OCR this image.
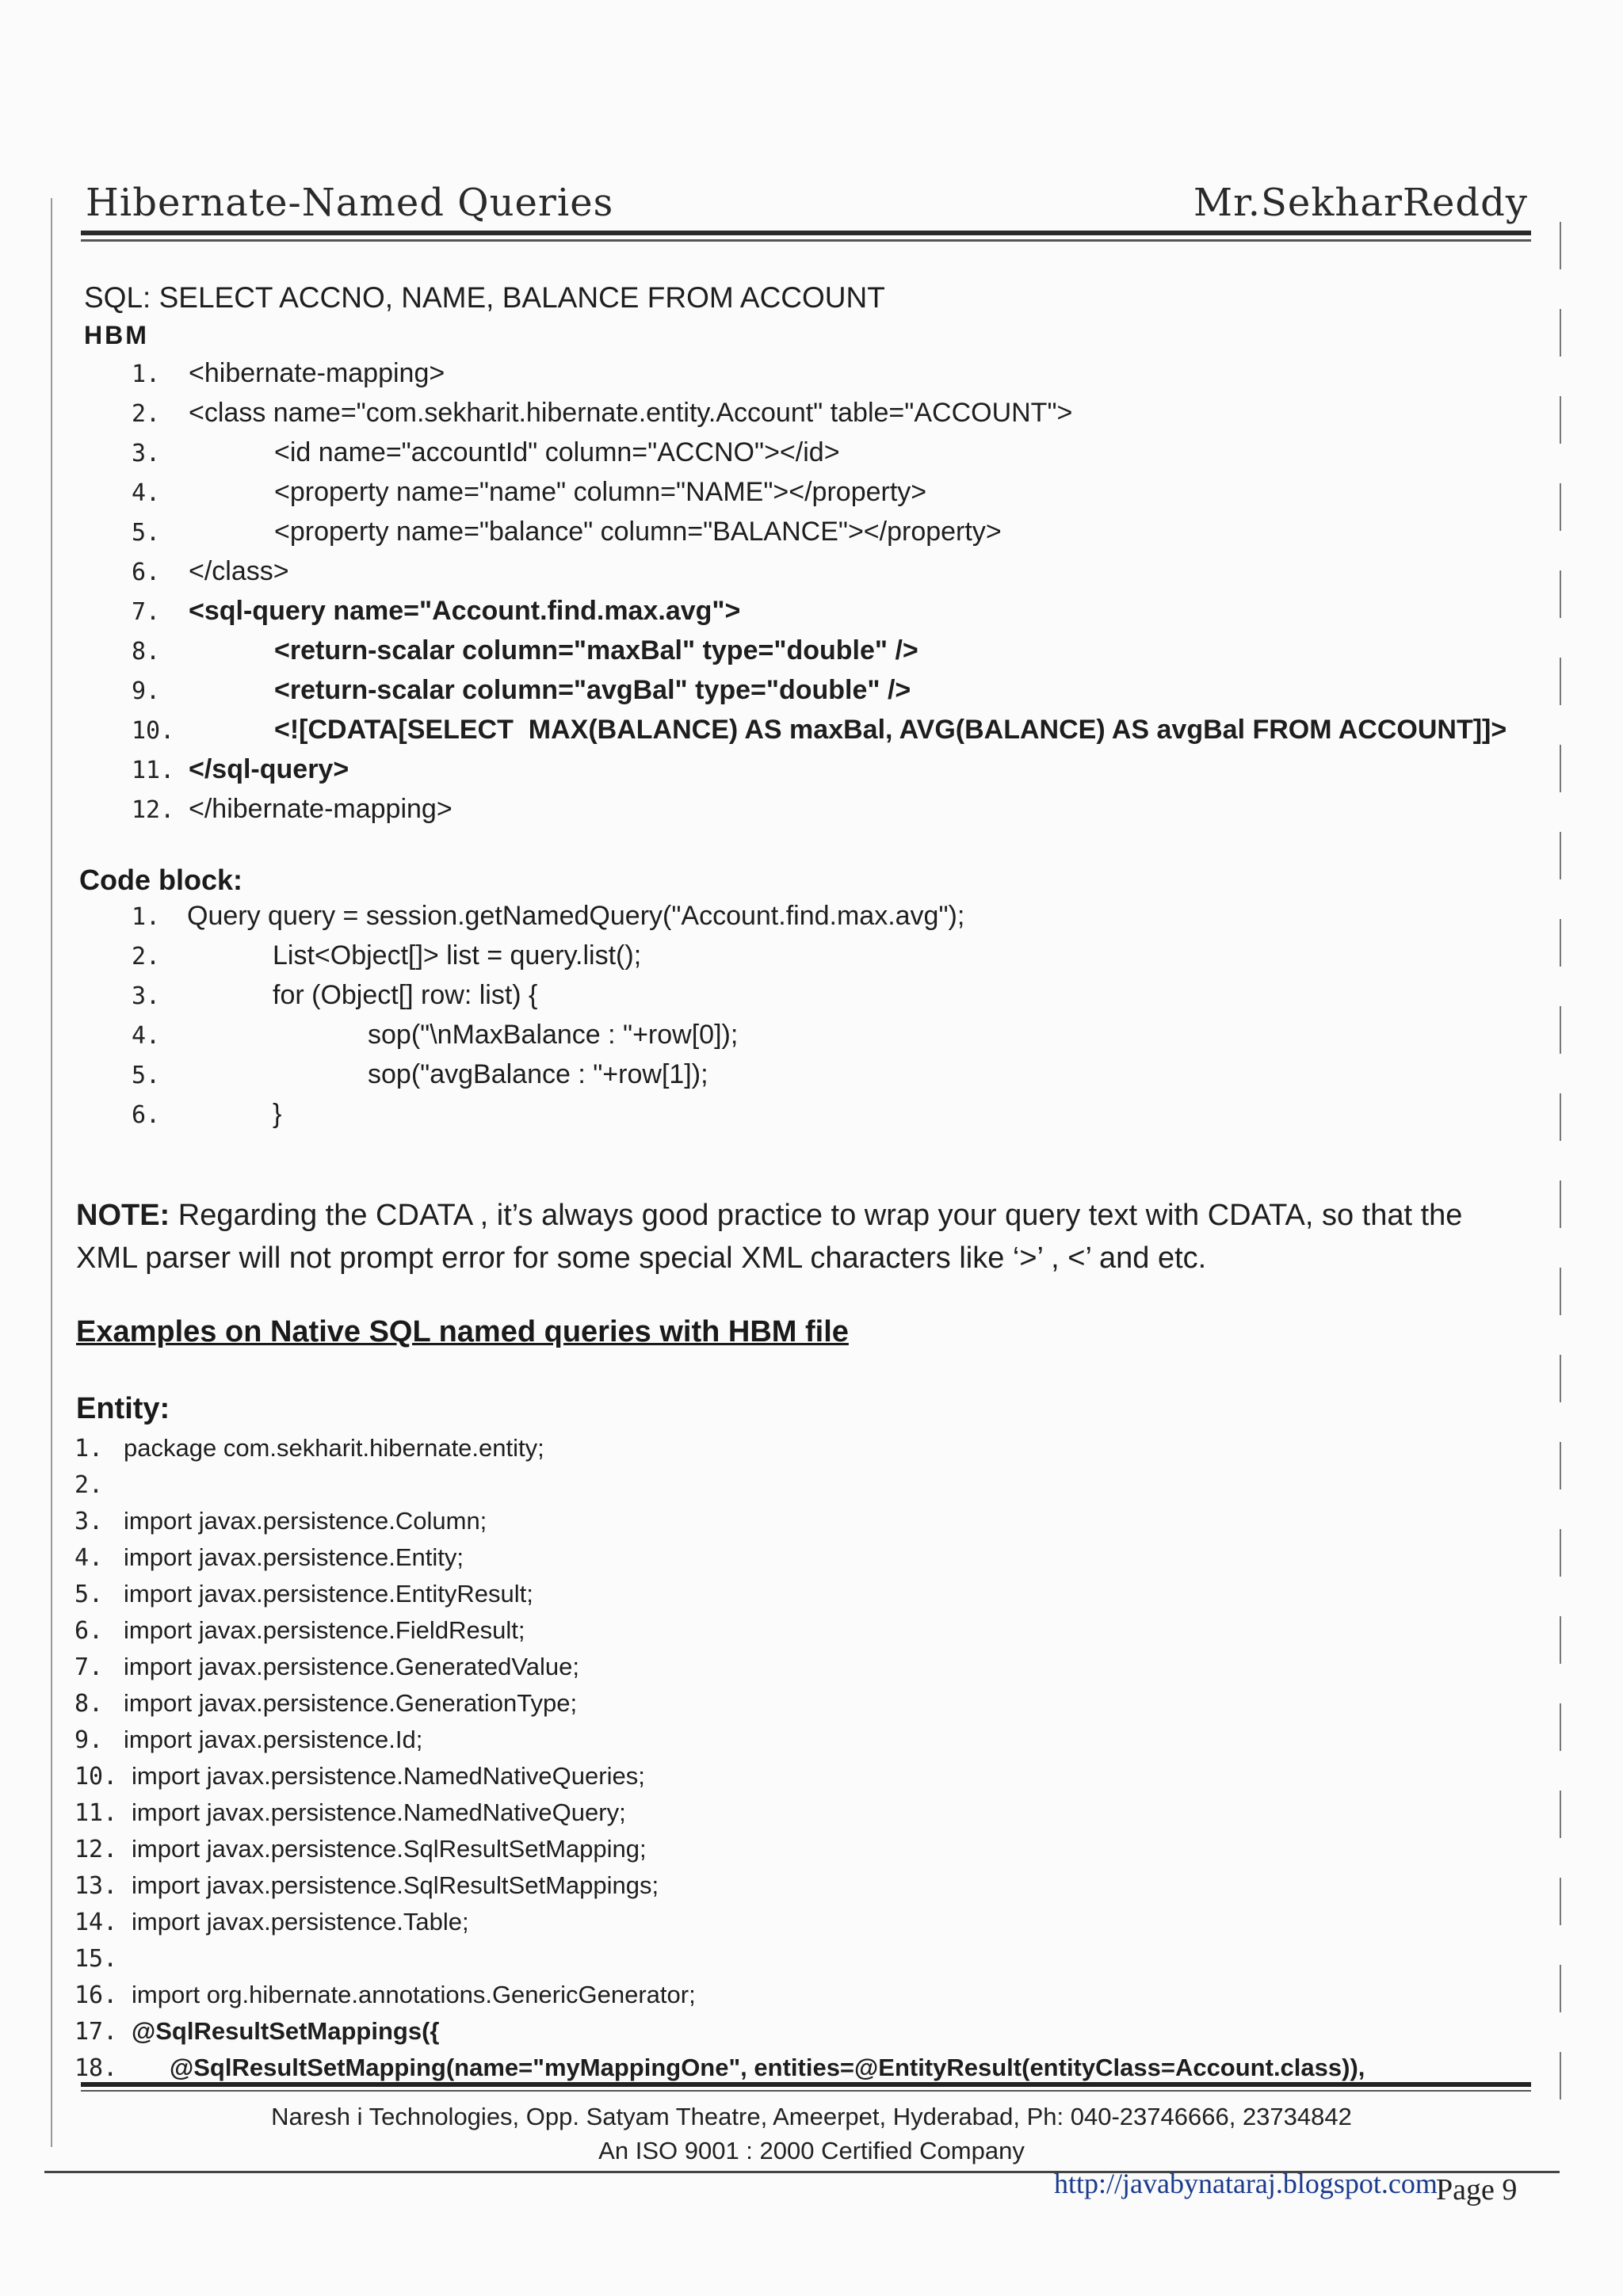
Hibernate-Named Queries	Mr.SekharReddy
SQL: SELECT ACCNO, NAME, BALANCE FROM ACCOUNT
HBM
1. <hibernate-mapping>
2. <class name="com.sekharit.hibernate.entity.Account" table="ACCOUNT">
3.	<id name="accountId" column="ACCNO"></id>
4.	<property name="name" column="NAME"></property>
5.	<property name="balance" column="BALANCE"></property>
6. </class>
7. <sql-query name="Account.find.max.avg">
8.	<return-scalar column="maxBal" type="double" />
9.	<return-scalar column="avgBal" type="double" />
10.	<![CDATA[SELECT  MAX(BALANCE) AS maxBal, AVG(BALANCE) AS avgBal FROM ACCOUNT]]>
11. </sql-query>
12. </hibernate-mapping>
Code block:
1. Query query = session.getNamedQuery("Account.find.max.avg");
2.	List<Object[]> list = query.list();
3.	for (Object[] row: list) {
4.	sop("\nMaxBalance : "+row[0]);
5.	sop("avgBalance : "+row[1]);
6.	}
NOTE: Regarding the CDATA , it’s always good practice to wrap your query text with CDATA, so that the XML parser will not prompt error for some special XML characters like ‘>’ , <’ and etc.
Examples on Native SQL named queries with HBM file
Entity:
1. package com.sekharit.hibernate.entity;
2.
3. import javax.persistence.Column;
4. import javax.persistence.Entity;
5. import javax.persistence.EntityResult;
6. import javax.persistence.FieldResult;
7. import javax.persistence.GeneratedValue;
8. import javax.persistence.GenerationType;
9. import javax.persistence.Id;
10. import javax.persistence.NamedNativeQueries;
11. import javax.persistence.NamedNativeQuery;
12. import javax.persistence.SqlResultSetMapping;
13. import javax.persistence.SqlResultSetMappings;
14. import javax.persistence.Table;
15.
16. import org.hibernate.annotations.GenericGenerator;
17. @SqlResultSetMappings({
18. @SqlResultSetMapping(name="myMappingOne", entities=@EntityResult(entityClass=Account.class)),
Naresh i Technologies, Opp. Satyam Theatre, Ameerpet, Hyderabad, Ph: 040-23746666, 23734842
An ISO 9001 : 2000 Certified Company
http://javabynataraj.blogspot.com
Page 9
